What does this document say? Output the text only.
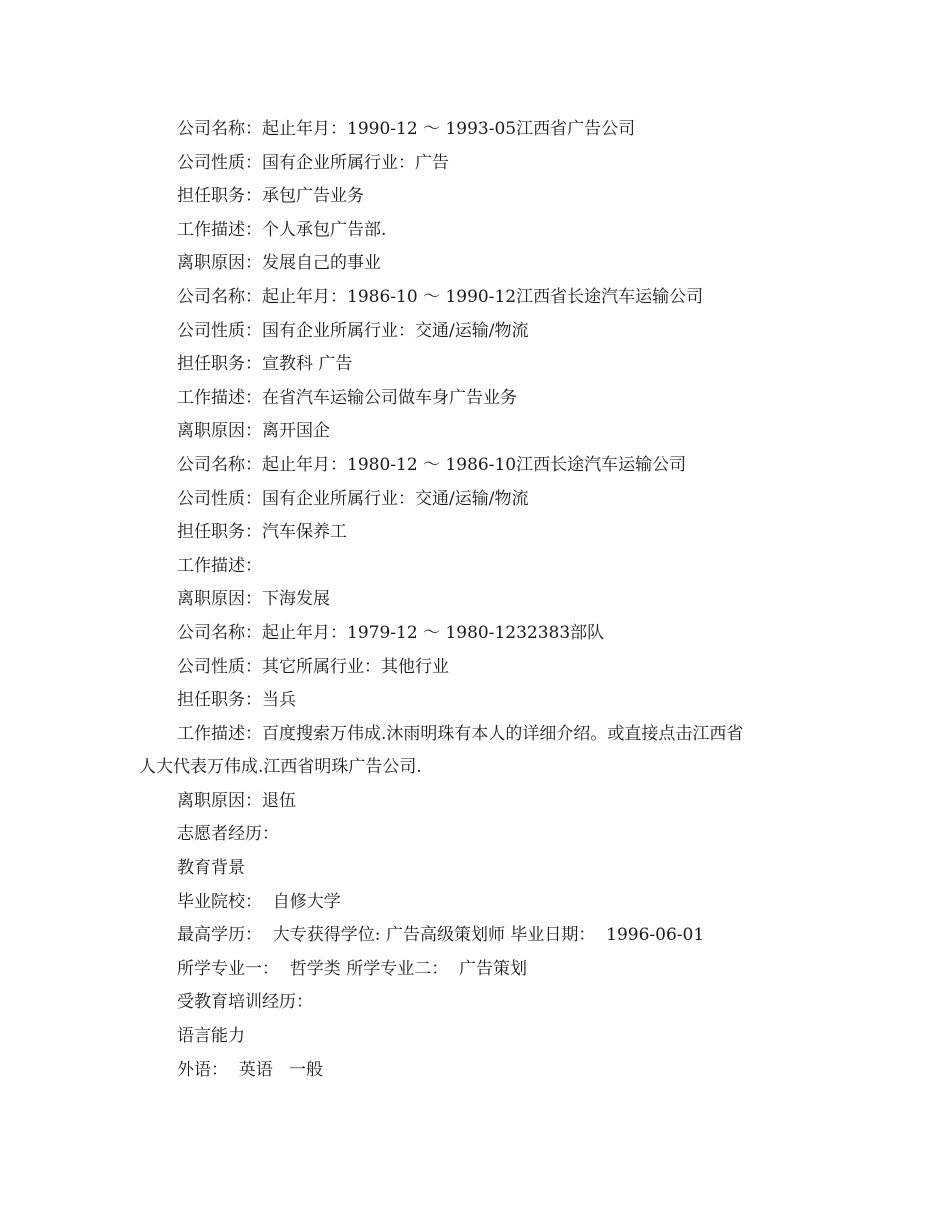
公司名称：起止年月：1990-12 ～ 1993-05江西省广告公司
公司性质：国有企业所属行业：广告
担任职务：承包广告业务
工作描述：个人承包广告部.
离职原因：发展自己的事业
公司名称：起止年月：1986-10 ～ 1990-12江西省长途汽车运输公司
公司性质：国有企业所属行业：交通/运输/物流
担任职务：宣教科 广告
工作描述：在省汽车运输公司做车身广告业务
离职原因：离开国企
公司名称：起止年月：1980-12 ～ 1986-10江西长途汽车运输公司
公司性质：国有企业所属行业：交通/运输/物流
担任职务：汽车保养工
工作描述：
离职原因：下海发展
公司名称：起止年月：1979-12 ～ 1980-1232383部队
公司性质：其它所属行业：其他行业
担任职务：当兵
工作描述：百度搜索万伟成.沐雨明珠有本人的详细介绍。或直接点击江西省
人大代表万伟成.江西省明珠广告公司.
离职原因：退伍
志愿者经历：
教育背景
毕业院校：  自修大学
最高学历：  大专获得学位: 广告高级策划师 毕业日期：  1996-06-01
所学专业一：  哲学类 所学专业二：  广告策划
受教育培训经历：
语言能力
外语：  英语   一般
